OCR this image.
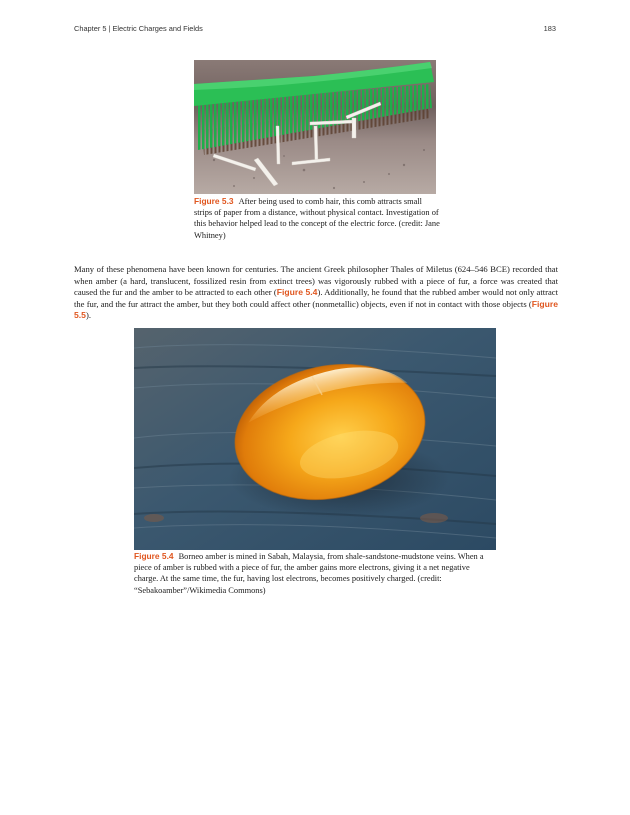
Chapter 5 | Electric Charges and Fields	183
Figure 5.3 After being used to comb hair, this comb attracts small strips of paper from a distance, without physical contact. Investigation of this behavior helped lead to the concept of the electric force. (credit: Jane Whitney)
Many of these phenomena have been known for centuries. The ancient Greek philosopher Thales of Miletus (624–546 BCE) recorded that when amber (a hard, translucent, fossilized resin from extinct trees) was vigorously rubbed with a piece of fur, a force was created that caused the fur and the amber to be attracted to each other (Figure 5.4). Additionally, he found that the rubbed amber would not only attract the fur, and the fur attract the amber, but they both could affect other (nonmetallic) objects, even if not in contact with those objects (Figure 5.5).
Figure 5.4 Borneo amber is mined in Sabah, Malaysia, from shale-sandstone-mudstone veins. When a piece of amber is rubbed with a piece of fur, the amber gains more electrons, giving it a net negative charge. At the same time, the fur, having lost electrons, becomes positively charged. (credit: “Sebakoamber”/Wikimedia Commons)
